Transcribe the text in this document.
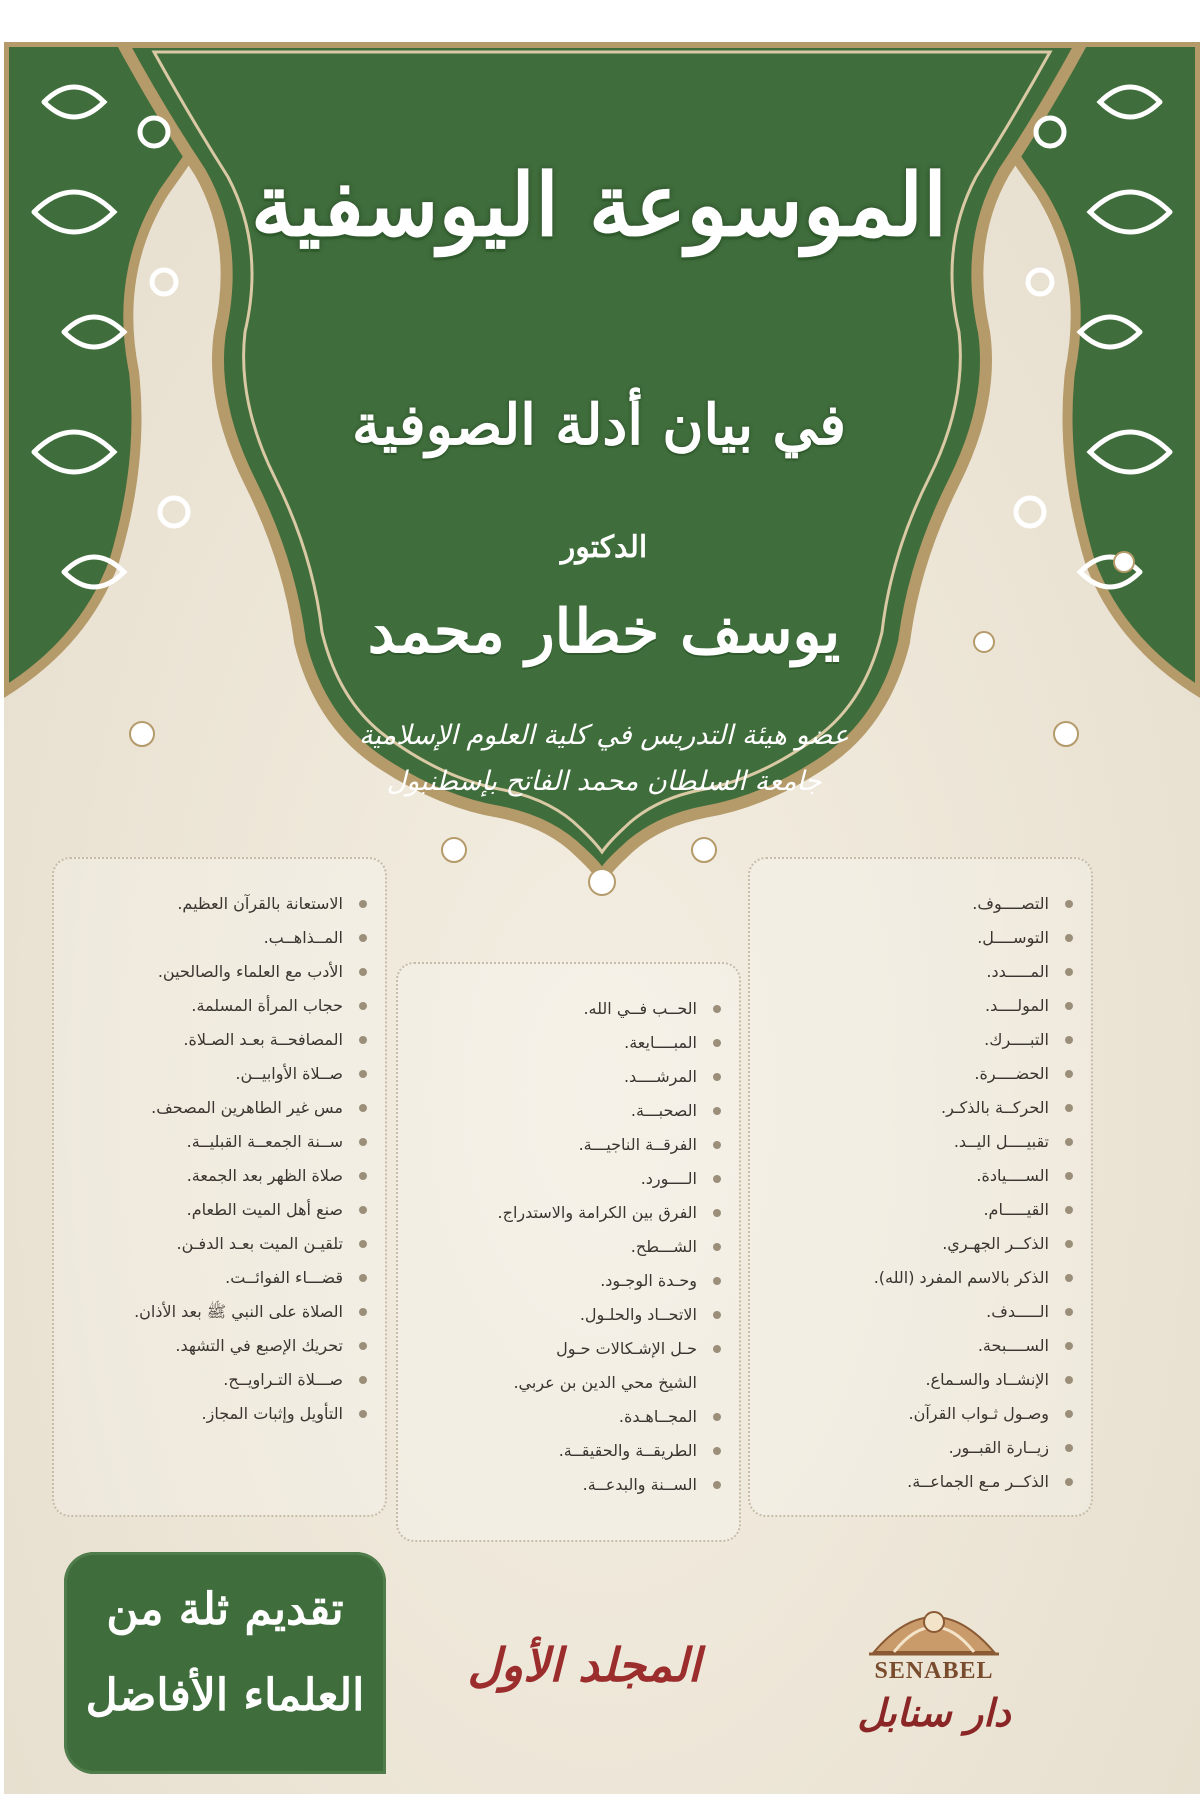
الموسوعة اليوسفية
في بيان أدلة الصوفية
الدكتور
يوسف خطار محمد
عضو هيئة التدريس في كلية العلوم الإسلامية
جامعة السلطان محمد الفاتح بإسطنبول
التصــــوف.
التوســــل.
المـــــدد.
المولــــد.
التبــــرك.
الحضــــرة.
الحركــة بالذكـر.
تقبيــــل اليــد.
الســــيادة.
القيـــــام.
الذكــر الجهـري.
الذكر بالاسم المفرد (الله).
الـــــدف.
الســــبحة.
الإنشــاد والسـماع.
وصـول ثـواب القرآن.
زيــارة القبــور.
الذكــر مـع الجماعــة.
الحــب فــي الله.
المبــــايعة.
المرشــــد.
الصحبـــة.
الفرقــة الناجيـــة.
الــــورد.
الفرق بين الكرامة والاستدراج.
الشـــطح.
وحـدة الوجـود.
الاتحــاد والحلـول.
حـل الإشـكالات حـول
الشيخ محي الدين بن عربي.
المجــاهـدة.
الطريقــة والحقيقــة.
الســنة والبدعــة.
الاستعانة بالقرآن العظيم.
المــذاهــب.
الأدب مع العلماء والصالحين.
حجاب المرأة المسلمة.
المصافحــة بعـد الصـلاة.
صــلاة الأوابيــن.
مس غير الطاهرين المصحف.
ســنة الجمعــة القبليــة.
صلاة الظهر بعد الجمعة.
صنع أهل الميت الطعام.
تلقيـن الميت بعـد الدفـن.
قضـــاء الفوائــت.
الصلاة على النبي ﷺ بعد الأذان.
تحريك الإصبع في التشهد.
صـــلاة التـراويــح.
التأويل وإثبات المجاز.
تقديم ثلة من
العلماء الأفاضل
المجلد الأول	SENABEL
دار سنابل
